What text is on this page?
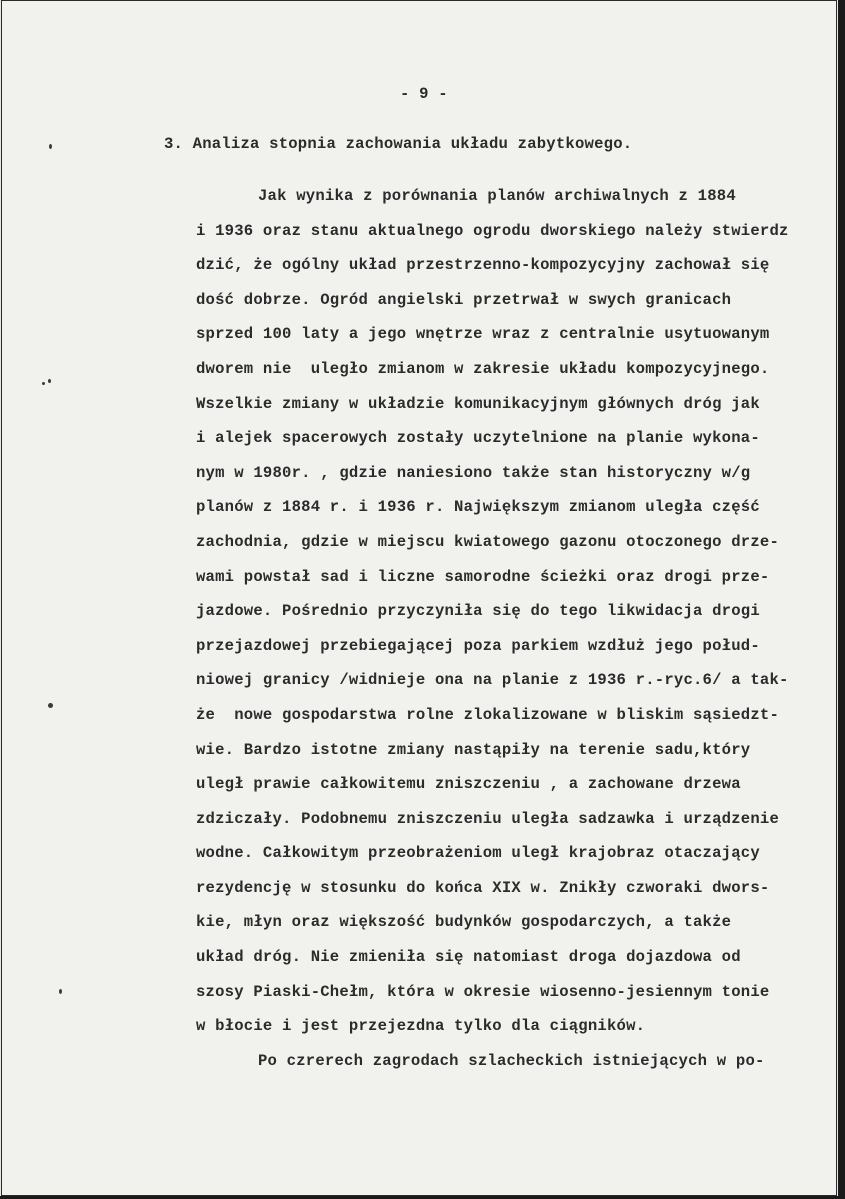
- 9 -
3. Analiza stopnia zachowania układu zabytkowego.
Jak wynika z porównania planów archiwalnych z 1884
i 1936 oraz stanu aktualnego ogrodu dworskiego należy stwierdz
dzić, że ogólny układ przestrzenno-kompozycyjny zachował się
dość dobrze. Ogród angielski przetrwał w swych granicach
sprzed 100 laty a jego wnętrze wraz z centralnie usytuowanym
dworem nie  uległo zmianom w zakresie układu kompozycyjnego.
Wszelkie zmiany w układzie komunikacyjnym głównych dróg jak
i alejek spacerowych zostały uczytelnione na planie wykona-
nym w 1980r. , gdzie naniesiono także stan historyczny w/g
planów z 1884 r. i 1936 r. Największym zmianom uległa część
zachodnia, gdzie w miejscu kwiatowego gazonu otoczonego drze-
wami powstał sad i liczne samorodne ścieżki oraz drogi prze-
jazdowe. Pośrednio przyczyniła się do tego likwidacja drogi
przejazdowej przebiegającej poza parkiem wzdłuż jego połud-
niowej granicy /widnieje ona na planie z 1936 r.-ryc.6/ a tak-
że  nowe gospodarstwa rolne zlokalizowane w bliskim sąsiedzt-
wie. Bardzo istotne zmiany nastąpiły na terenie sadu,który
uległ prawie całkowitemu zniszczeniu , a zachowane drzewa
zdziczały. Podobnemu zniszczeniu uległa sadzawka i urządzenie
wodne. Całkowitym przeobrażeniom uległ krajobraz otaczający
rezydencję w stosunku do końca XIX w. Znikły czworaki dwors-
kie, młyn oraz większość budynków gospodarczych, a także
układ dróg. Nie zmieniła się natomiast droga dojazdowa od
szosy Piaski-Chełm, która w okresie wiosenno-jesiennym tonie
w błocie i jest przejezdna tylko dla ciągników.
Po czrerech zagrodach szlacheckich istniejących w po-
